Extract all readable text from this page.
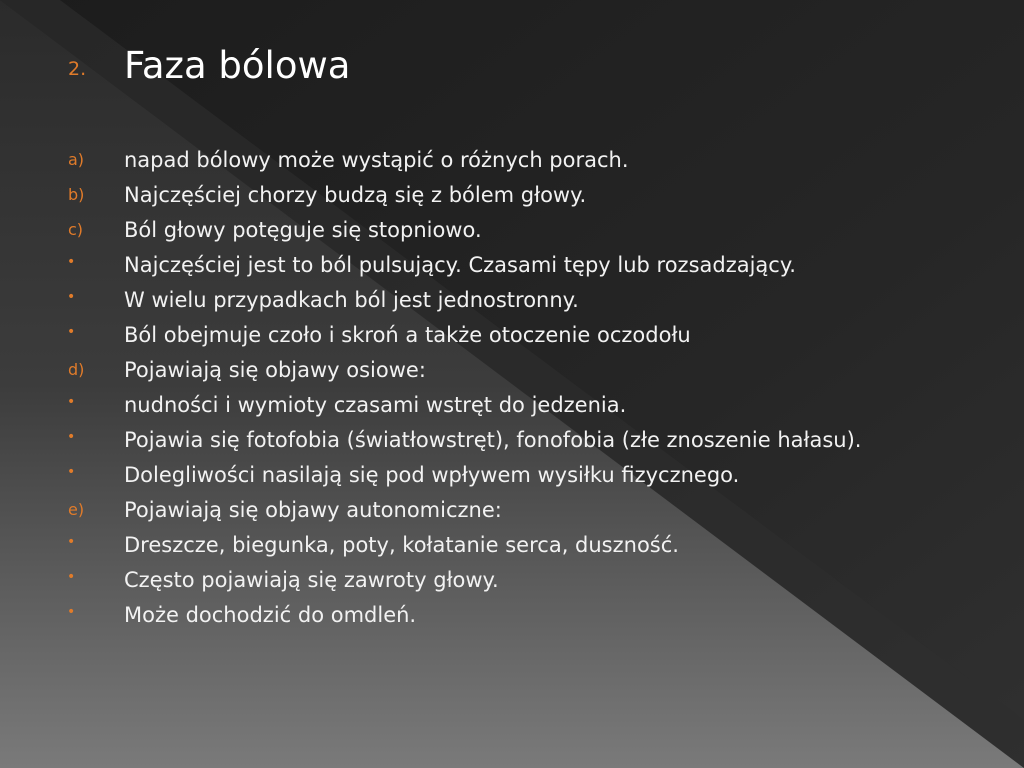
2. Faza bólowa
a) napad bólowy może wystąpić o różnych porach.
b) Najczęściej chorzy budzą się z bólem głowy.
c) Ból głowy potęguje się stopniowo.
• Najczęściej jest to ból pulsujący. Czasami tępy lub rozsadzający.
• W wielu przypadkach ból jest jednostronny.
• Ból obejmuje czoło i skroń a także otoczenie oczodołu
d) Pojawiają się objawy osiowe:
• nudności i wymioty czasami wstręt do jedzenia.
• Pojawia się fotofobia (światłowstręt), fonofobia (złe znoszenie hałasu).
• Dolegliwości nasilają się pod wpływem wysiłku fizycznego.
e) Pojawiają się objawy autonomiczne:
• Dreszcze, biegunka, poty, kołatanie serca, duszność.
• Często pojawiają się zawroty głowy.
• Może dochodzić do omdleń.
